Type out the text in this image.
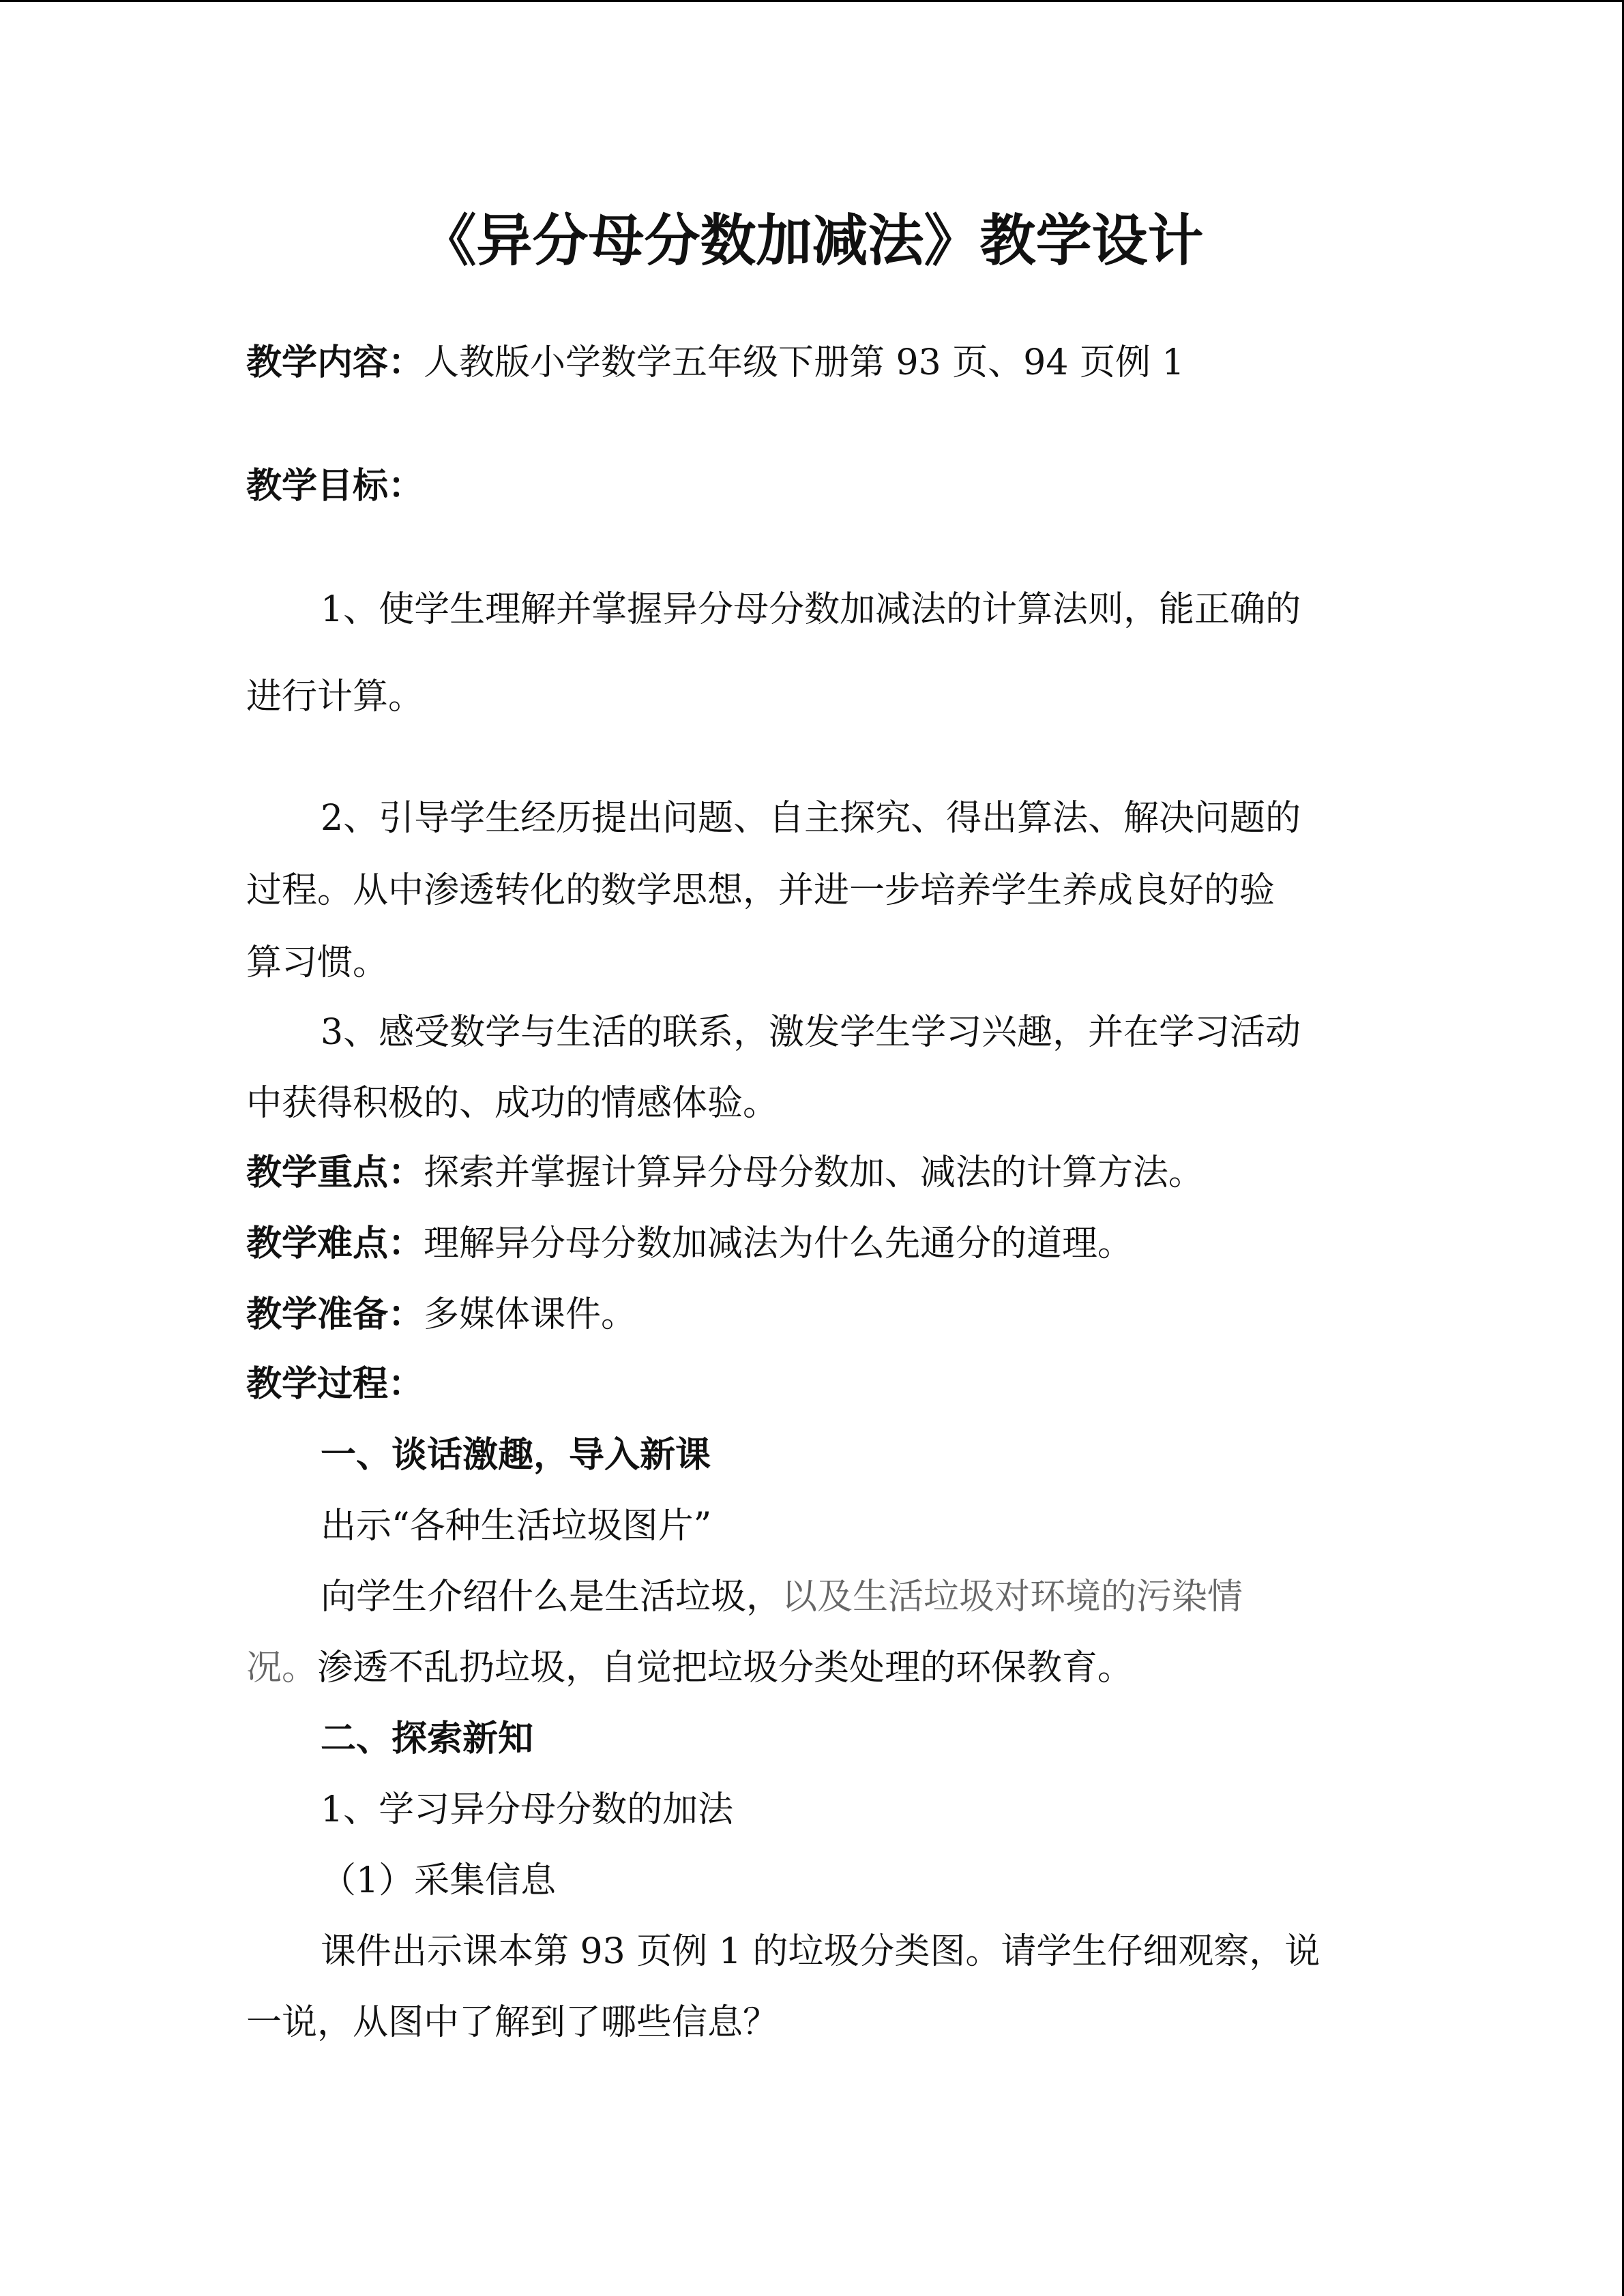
《异分母分数加减法》教学设计

教学内容：人教版小学数学五年级下册第 93 页、94 页例 1

教学目标：

1、使学生理解并掌握异分母分数加减法的计算法则，能正确的

进行计算。

2、引导学生经历提出问题、自主探究、得出算法、解决问题的

过程。从中渗透转化的数学思想，并进一步培养学生养成良好的验

算习惯。

3、感受数学与生活的联系，激发学生学习兴趣，并在学习活动

中获得积极的、成功的情感体验。

教学重点：探索并掌握计算异分母分数加、减法的计算方法。

教学难点：理解异分母分数加减法为什么先通分的道理。

教学准备：多媒体课件。

教学过程：

一、谈话激趣，导入新课

出示“各种生活垃圾图片”

向学生介绍什么是生活垃圾，以及生活垃圾对环境的污染情

况。渗透不乱扔垃圾，自觉把垃圾分类处理的环保教育。

二、探索新知

1、学习异分母分数的加法

（1）采集信息

课件出示课本第 93 页例 1 的垃圾分类图。请学生仔细观察，说

一说，从图中了解到了哪些信息？
